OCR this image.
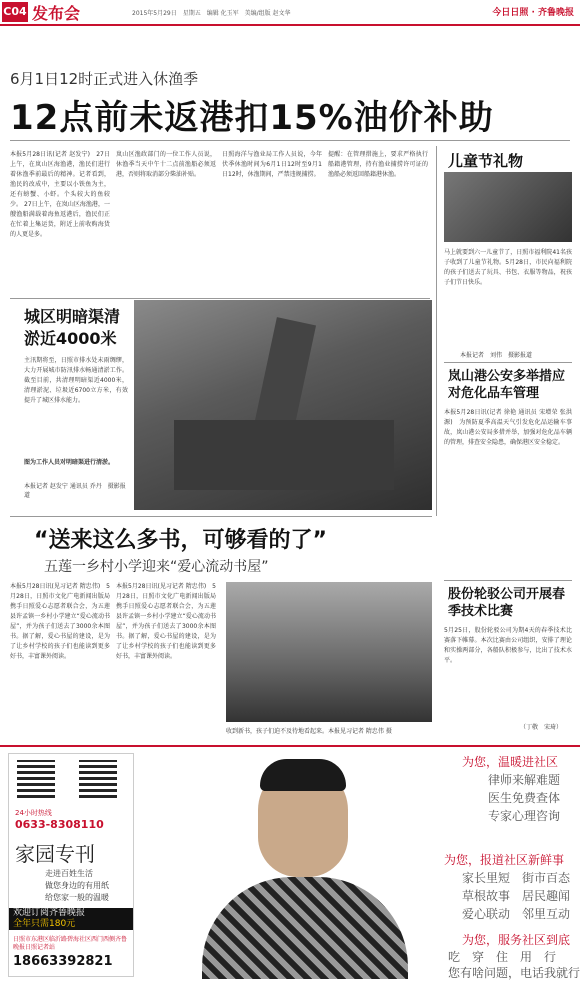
C04 发布会	2015年5月29日　星期五　编辑 化玉军　美编/组版 赵文华	今日日照 · 齐鲁晚报
6月1日12时正式进入休渔季
12点前未返港扣15%油价补助
本报5月28日讯(记者 赵发宁)　27日上午，在岚山区海渔港，渔民们进行着休渔季前最后的精神。记者看到，渔民的改成中，主要以小铁鱼为主，还有螃蟹、小虾。个头较大的鱼较少。 27日上午，在岚山区海渔港，一艘渔船满载着海鱼返港后，渔民们正在忙着上集运货，附近上前收购海货的人更是多。
岚山区渔政部门的一位工作人员说，休渔季当天中午十二点前渔船必须返港，否则将取消部分柴油补贴。
日照海洋与渔业局工作人员说，今年伏季休渔时间为6月1日12时至9月1日12时，休渔期间，严禁违规捕捞。
提醒：在管理措施上，要求严格执行船籍港管理，持有渔业捕捞许可证的渔船必须返回船籍港休渔。
儿童节礼物
马上就要到六一儿童节了，日照市福利院41名孩子收到了儿童节礼物。5月28日，市民向福利院的孩子们送去了玩具、书包、衣服等物品，祝孩子们节日快乐。
本报记者　刘伟　摄影报道
城区明暗渠清淤近4000米
主汛期将至，日照市排水处未雨绸缪，大力开展城市防汛排水畅通清淤工作。截至目前，共清理明暗渠近4000米，清理淤泥、垃圾近6700立方米，有效提升了城区排水能力。
图为工作人员对明暗渠进行清淤。
本报记者 赵发宁 通讯员 乔丹　摄影报道
岚山港公安多举措应对危化品车管理
本报5月28日讯(记者 徐艳 通讯员 宋增荣 张洪源)　为预防夏季高温天气引发危化品运输车事故，岚山港公安局多措并举，加强对危化品车辆的管理，排查安全隐患，确保港区安全稳定。
“送来这么多书，可够看的了”
五莲一乡村小学迎来“爱心流动书屋”
本报5月28日讯(见习记者 隋忠伟)　5月28日，日照市文化广电新闻出版局携手日照爱心志愿者联合会，为五莲县许孟镇一乡村小学建立“爱心流动书屋”，并为孩子们送去了3000余本图书。据了解，爱心书屋的建设，是为了让乡村学校的孩子们也能读到更多好书，丰富课外阅读。
本报5月28日讯(见习记者 隋忠伟)　5月28日，日照市文化广电新闻出版局携手日照爱心志愿者联合会，为五莲县许孟镇一乡村小学建立“爱心流动书屋”，并为孩子们送去了3000余本图书。据了解，爱心书屋的建设，是为了让乡村学校的孩子们也能读到更多好书，丰富课外阅读。
收到新书，孩子们迫不及待地看起来。本报见习记者 隋忠伟 摄
股份轮驳公司开展春季技术比赛
5月25日，股份轮驳公司为期4天的春季技术比赛落下帷幕。本次比赛由公司组织，安排了理论和实操两部分，各船队积极参与，比出了技术水平。
（丁敬　宋琦）
24小时热线
0633-8308110
家园专刊
走进百姓生活
做您身边的有用纸
给您家一般的温暖
欢迎订阅齐鲁晚报
全年只需180元
日照市东港区临沂路碧海社区西门西侧齐鲁晚报日照记者站
18663392821
为您，温暖进社区
律师来解难题
医生免费查体
专家心理咨询
为您，报道社区新鲜事
家长里短　街市百态
草根故事　居民趣闻
爱心联动　邻里互动
为您，服务社区到底
吃　穿　住　用　行
您有啥问题，电话我就行
